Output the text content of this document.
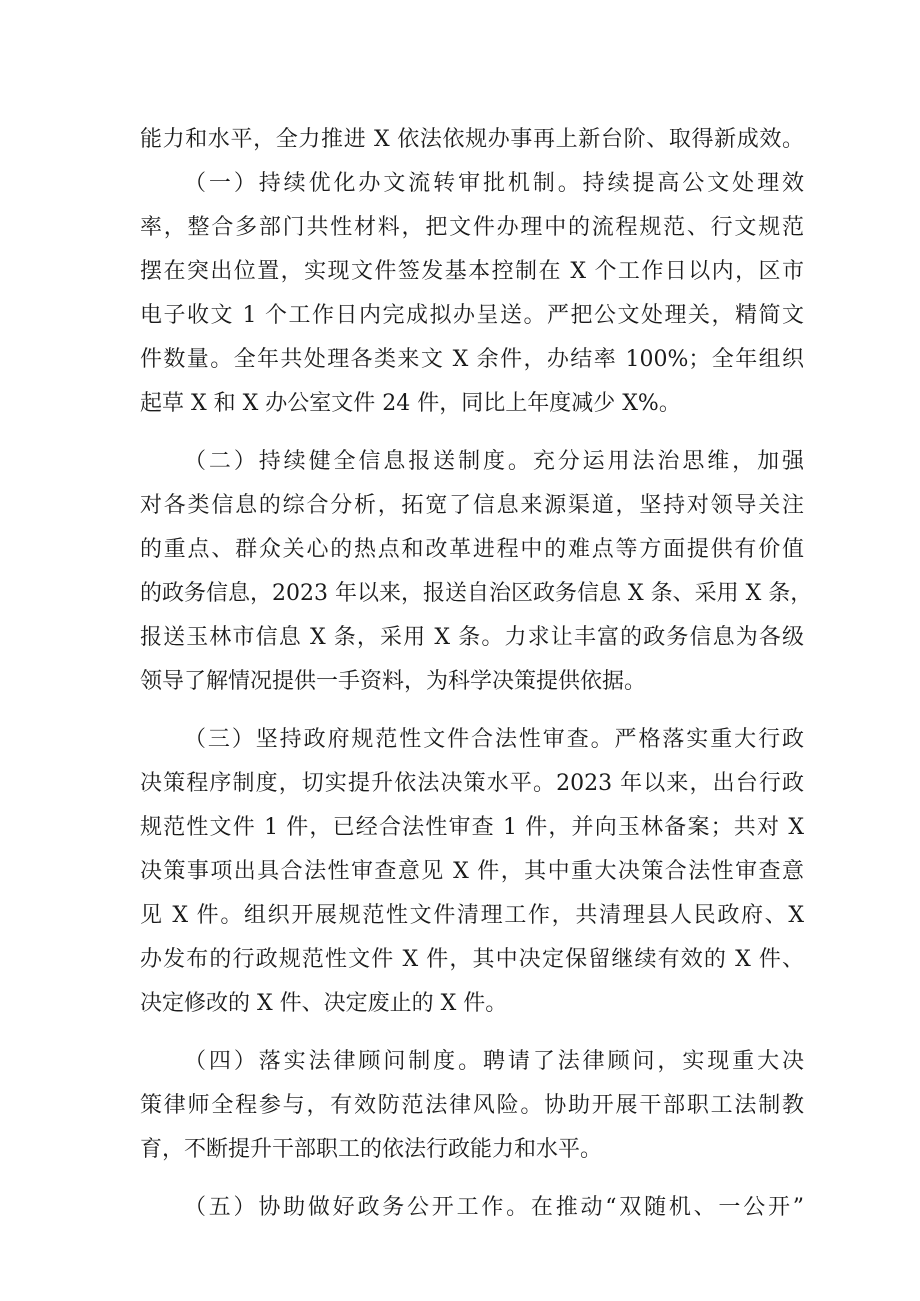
能力和水平，全力推进 X 依法依规办事再上新台阶、取得新成效。
（一）持续优化办文流转审批机制。持续提高公文处理效
率，整合多部门共性材料，把文件办理中的流程规范、行文规范
摆在突出位置，实现文件签发基本控制在 X 个工作日以内，区市
电子收文 1 个工作日内完成拟办呈送。严把公文处理关，精简文
件数量。全年共处理各类来文 X 余件，办结率 100%；全年组织
起草 X 和 X 办公室文件 24 件，同比上年度减少 X%。
（二）持续健全信息报送制度。充分运用法治思维，加强
对各类信息的综合分析，拓宽了信息来源渠道，坚持对领导关注
的重点、群众关心的热点和改革进程中的难点等方面提供有价值
的政务信息，2023 年以来，报送自治区政务信息 X 条、采用 X 条，
报送玉林市信息 X 条，采用 X 条。力求让丰富的政务信息为各级
领导了解情况提供一手资料，为科学决策提供依据。
（三）坚持政府规范性文件合法性审查。严格落实重大行政
决策程序制度，切实提升依法决策水平。2023 年以来，出台行政
规范性文件 1 件，已经合法性审查 1 件，并向玉林备案；共对 X
决策事项出具合法性审查意见 X 件，其中重大决策合法性审查意
见 X 件。组织开展规范性文件清理工作，共清理县人民政府、X
办发布的行政规范性文件 X 件，其中决定保留继续有效的 X 件、
决定修改的 X 件、决定废止的 X 件。
（四）落实法律顾问制度。聘请了法律顾问，实现重大决
策律师全程参与，有效防范法律风险。协助开展干部职工法制教
育，不断提升干部职工的依法行政能力和水平。
（五）协助做好政务公开工作。在推动“双随机、一公开”
